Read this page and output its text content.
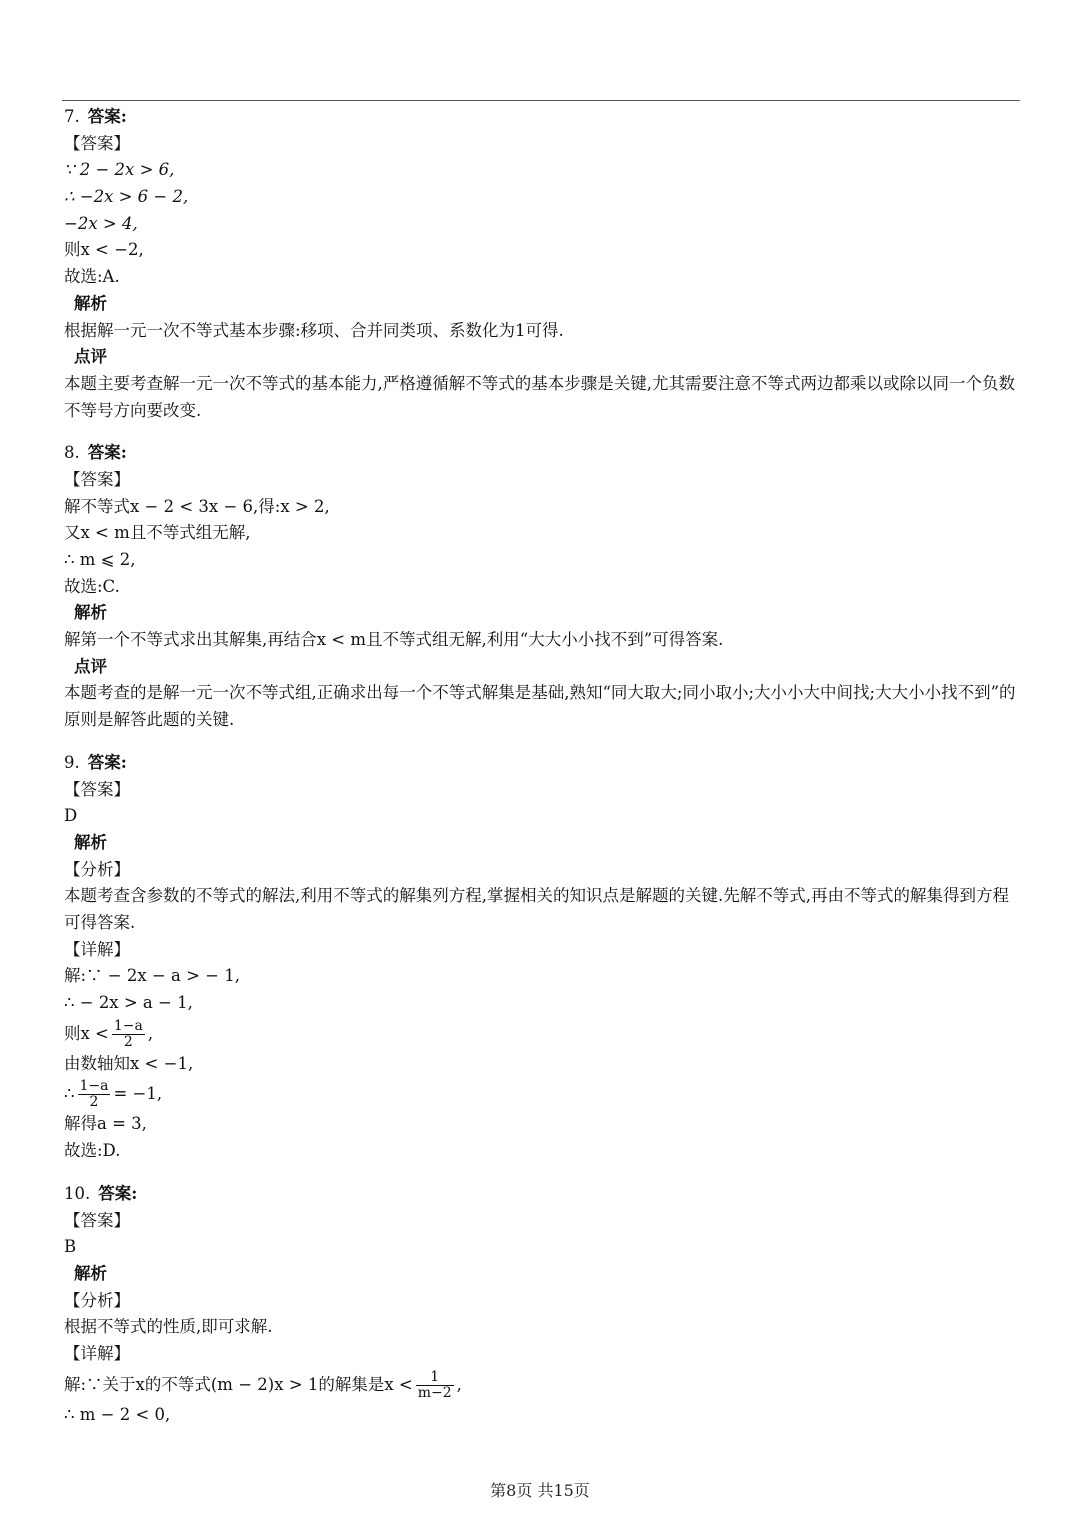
7. 答案:
【答案】
∵ 2 − 2x > 6,
∴ −2x > 6 − 2,
−2x > 4,
则x < −2,
故选:A.
解析
根据解一元一次不等式基本步骤:移项、合并同类项、系数化为1可得.
点评
本题主要考查解一元一次不等式的基本能力,严格遵循解不等式的基本步骤是关键,尤其需要注意不等式两边都乘以或除以同一个负数不等号方向要改变.
8. 答案:
【答案】
解不等式x − 2 < 3x − 6,得:x > 2,
又x < m且不等式组无解,
∴ m ⩽ 2,
故选:C.
解析
解第一个不等式求出其解集,再结合x < m且不等式组无解,利用“大大小小找不到”可得答案.
点评
本题考查的是解一元一次不等式组,正确求出每一个不等式解集是基础,熟知“同大取大;同小取小;大小小大中间找;大大小小找不到”的原则是解答此题的关键.
9. 答案:
【答案】
D
解析
【分析】
本题考查含参数的不等式的解法,利用不等式的解集列方程,掌握相关的知识点是解题的关键.先解不等式,再由不等式的解集得到方程可得答案.
【详解】
解:∵ − 2x − a > − 1,
∴ − 2x > a − 1,
则$x < \frac{1-a}{2}$ ,
由数轴知x < −1,
∴ $\frac{1-a}{2} = -1$,
解得a = 3,
故选:D.
10. 答案:
【答案】
B
解析
【分析】
根据不等式的性质,即可求解.
【详解】
解:∵关于x的不等式(m − 2)x > 1的解集是$x < \frac{1}{m-2}$ ,
∴ m − 2 < 0,
第8页 共15页
